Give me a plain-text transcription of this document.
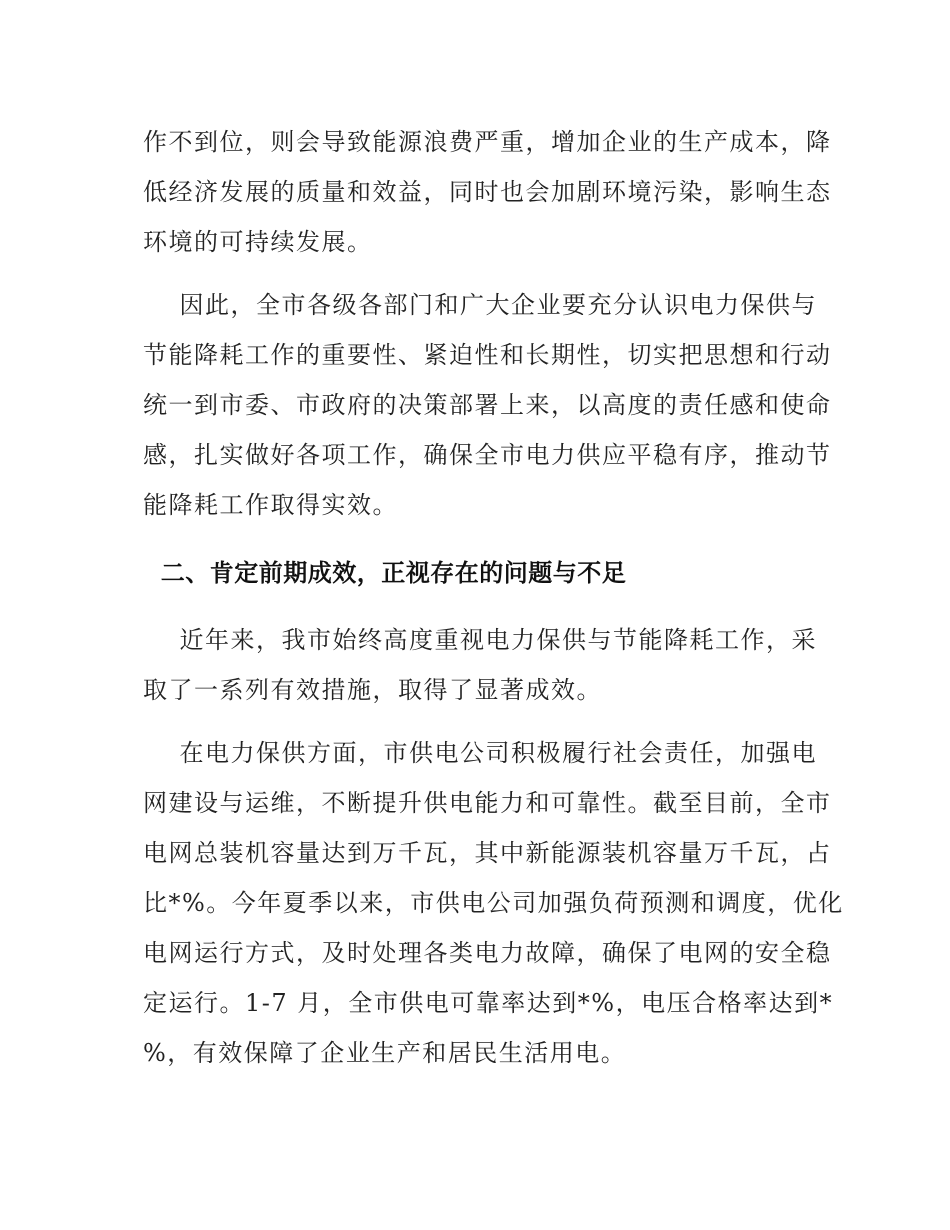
作不到位，则会导致能源浪费严重，增加企业的生产成本，降
低经济发展的质量和效益，同时也会加剧环境污染，影响生态
环境的可持续发展。
因此，全市各级各部门和广大企业要充分认识电力保供与
节能降耗工作的重要性、紧迫性和长期性，切实把思想和行动
统一到市委、市政府的决策部署上来，以高度的责任感和使命
感，扎实做好各项工作，确保全市电力供应平稳有序，推动节
能降耗工作取得实效。
二、肯定前期成效，正视存在的问题与不足
近年来，我市始终高度重视电力保供与节能降耗工作，采
取了一系列有效措施，取得了显著成效。
在电力保供方面，市供电公司积极履行社会责任，加强电
网建设与运维，不断提升供电能力和可靠性。截至目前，全市
电网总装机容量达到万千瓦，其中新能源装机容量万千瓦，占
比*%。今年夏季以来，市供电公司加强负荷预测和调度，优化
电网运行方式，及时处理各类电力故障，确保了电网的安全稳
定运行。1-7 月，全市供电可靠率达到*%，电压合格率达到*
%，有效保障了企业生产和居民生活用电。
